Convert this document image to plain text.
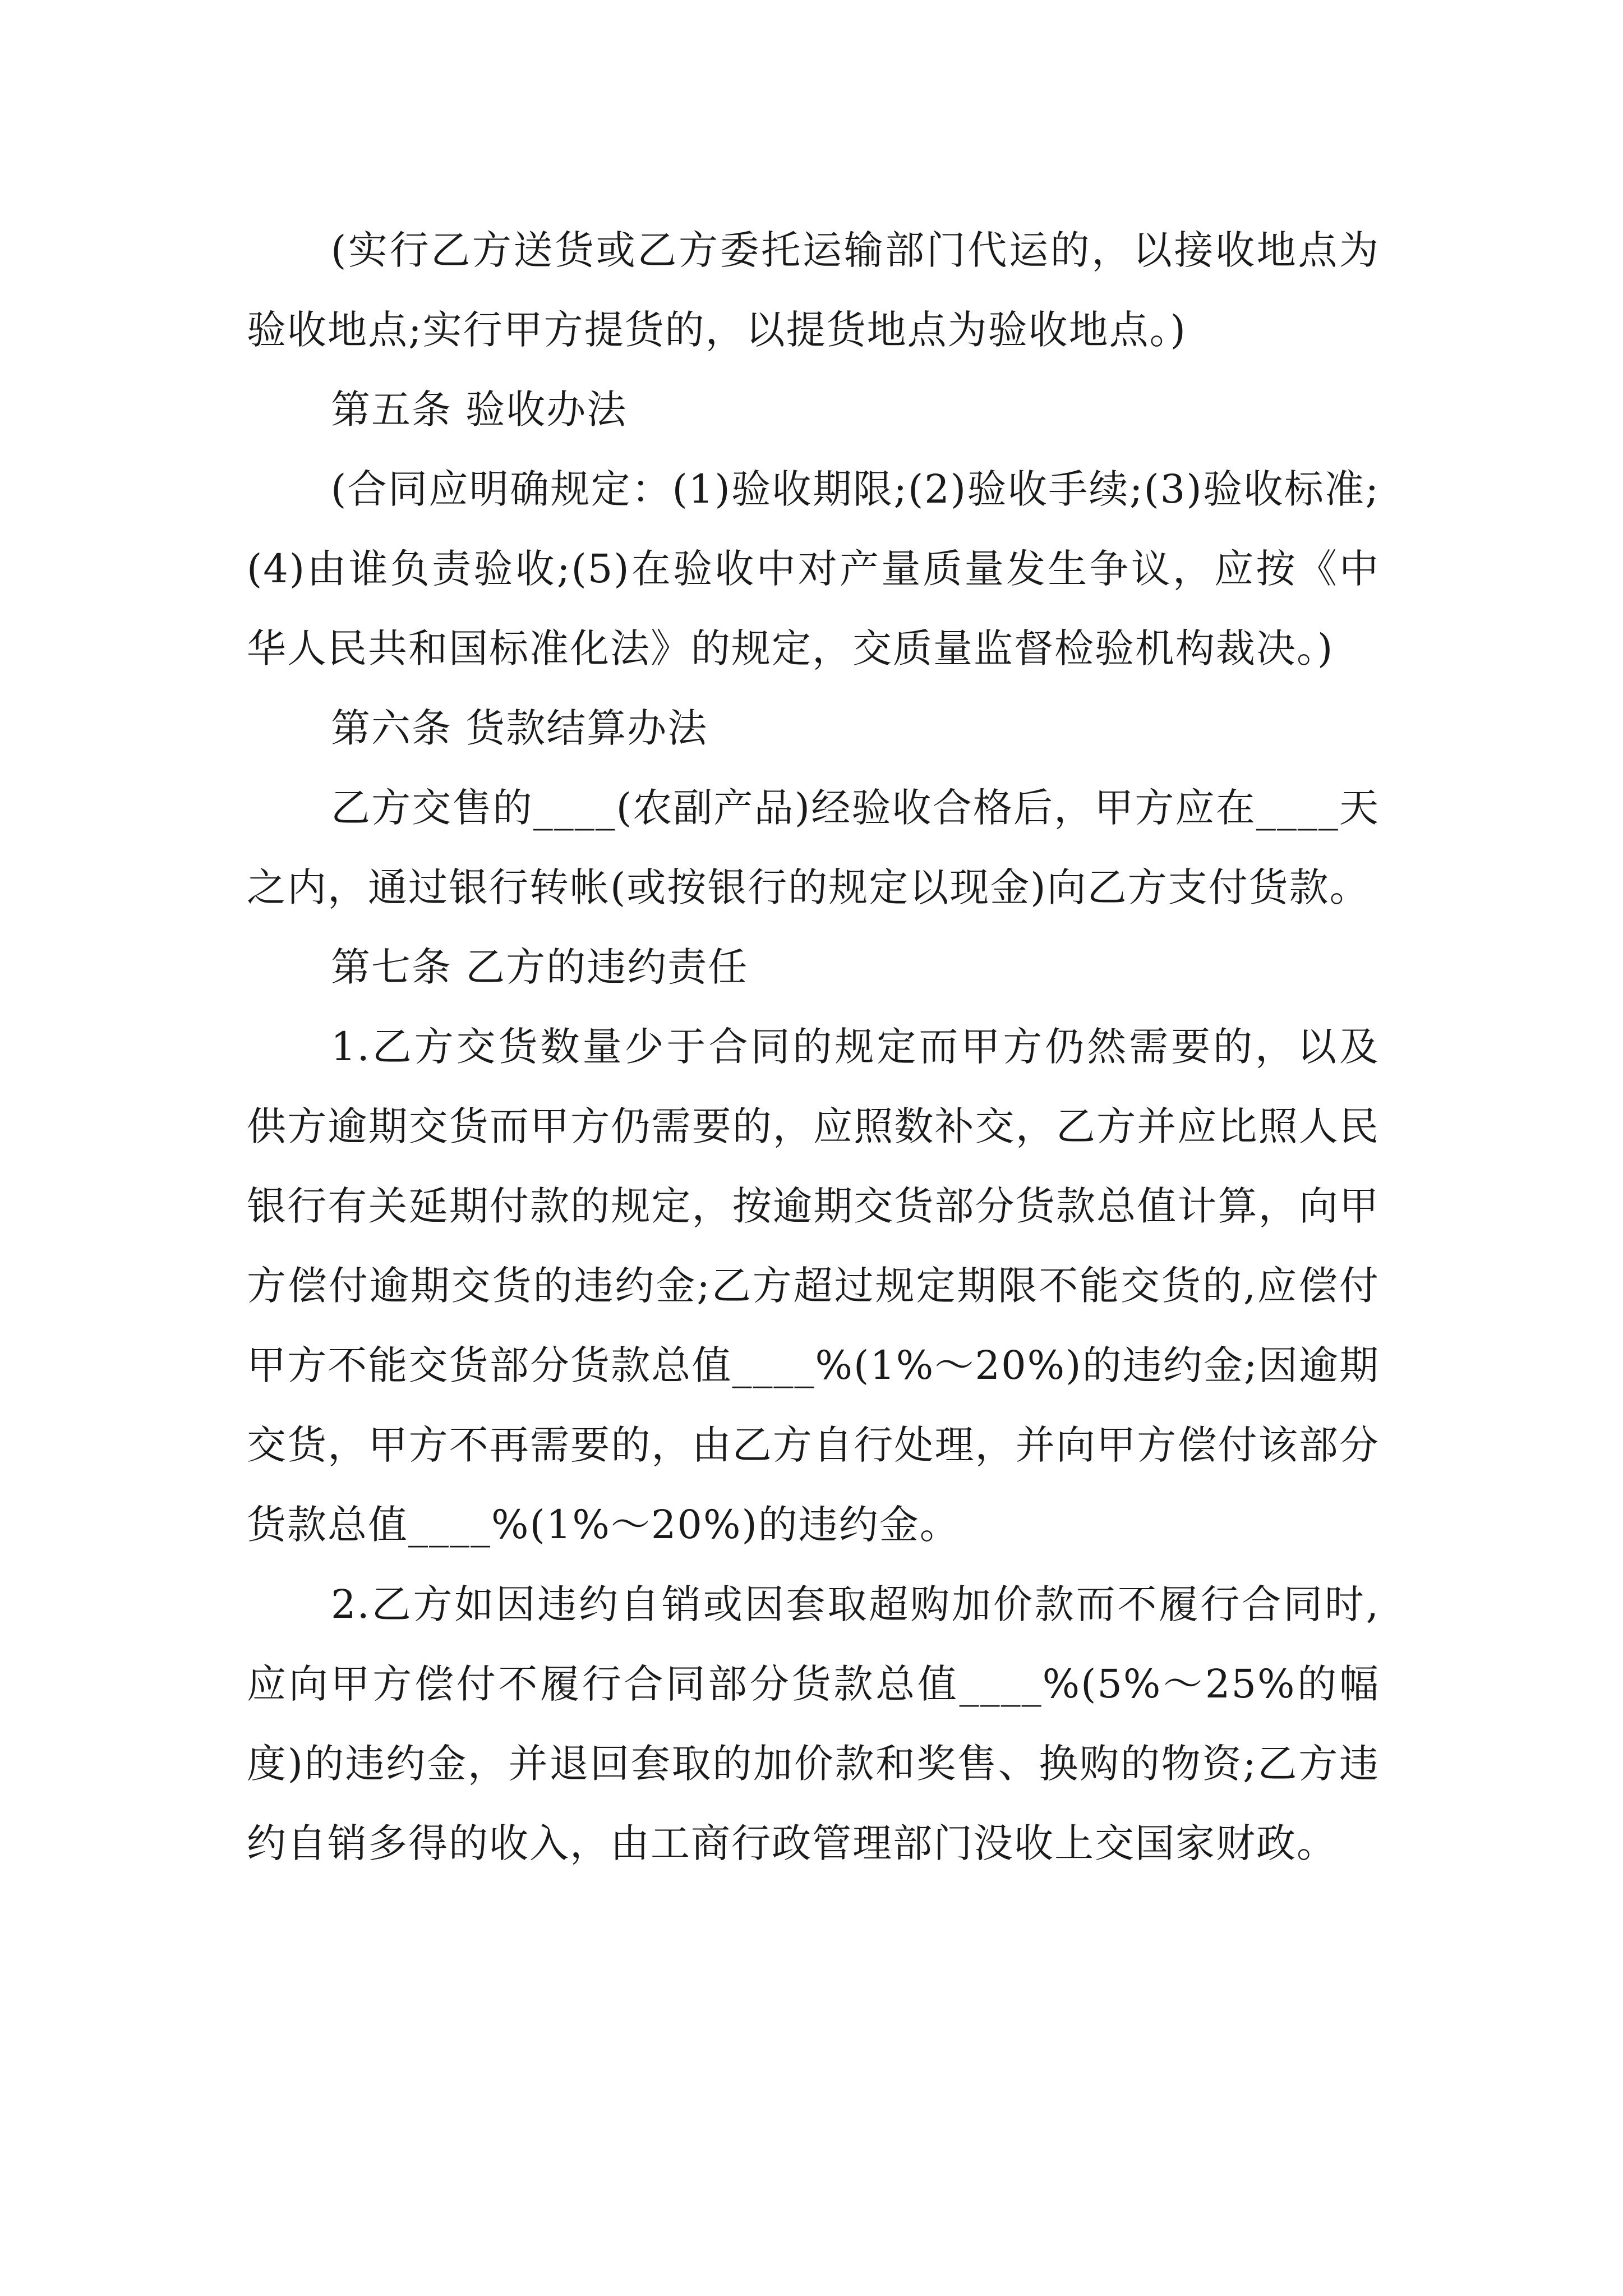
(实行乙方送货或乙方委托运输部门代运的，以接收地点为验收地点;实行甲方提货的，以提货地点为验收地点。)

第五条 验收办法

(合同应明确规定：(1)验收期限;(2)验收手续;(3)验收标准;(4)由谁负责验收;(5)在验收中对产量质量发生争议，应按《中华人民共和国标准化法》的规定，交质量监督检验机构裁决。)

第六条 货款结算办法

乙方交售的____(农副产品)经验收合格后，甲方应在____天之内，通过银行转帐(或按银行的规定以现金)向乙方支付货款。

第七条 乙方的违约责任

1.乙方交货数量少于合同的规定而甲方仍然需要的，以及供方逾期交货而甲方仍需要的，应照数补交，乙方并应比照人民银行有关延期付款的规定，按逾期交货部分货款总值计算，向甲方偿付逾期交货的违约金;乙方超过规定期限不能交货的,应偿付甲方不能交货部分货款总值____%(1%～20%)的违约金;因逾期交货，甲方不再需要的，由乙方自行处理，并向甲方偿付该部分货款总值____%(1%～20%)的违约金。

2.乙方如因违约自销或因套取超购加价款而不履行合同时,应向甲方偿付不履行合同部分货款总值____%(5%～25%的幅度)的违约金，并退回套取的加价款和奖售、换购的物资;乙方违约自销多得的收入，由工商行政管理部门没收上交国家财政。
